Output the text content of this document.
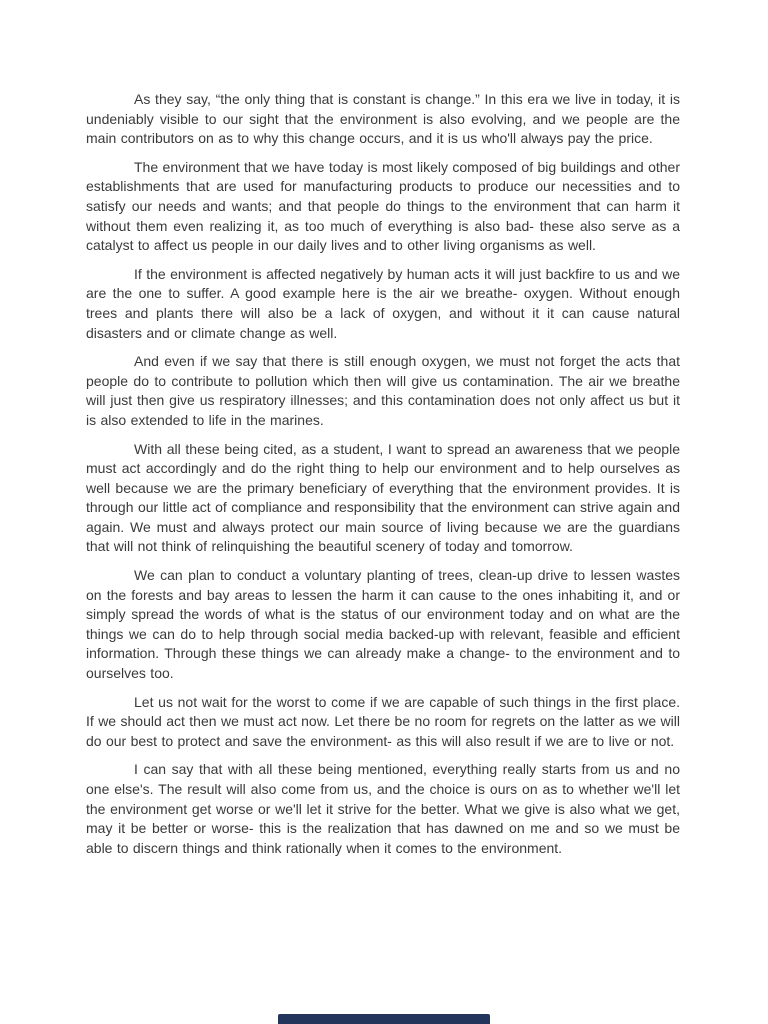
As they say, “the only thing that is constant is change.” In this era we live in today, it is undeniably visible to our sight that the environment is also evolving, and we people are the main contributors on as to why this change occurs, and it is us who'll always pay the price.

The environment that we have today is most likely composed of big buildings and other establishments that are used for manufacturing products to produce our necessities and to satisfy our needs and wants; and that people do things to the environment that can harm it without them even realizing it, as too much of everything is also bad- these also serve as a catalyst to affect us people in our daily lives and to other living organisms as well.

If the environment is affected negatively by human acts it will just backfire to us and we are the one to suffer. A good example here is the air we breathe- oxygen. Without enough trees and plants there will also be a lack of oxygen, and without it it can cause natural disasters and or climate change as well.

And even if we say that there is still enough oxygen, we must not forget the acts that people do to contribute to pollution which then will give us contamination. The air we breathe will just then give us respiratory illnesses; and this contamination does not only affect us but it is also extended to life in the marines.

With all these being cited, as a student, I want to spread an awareness that we people must act accordingly and do the right thing to help our environment and to help ourselves as well because we are the primary beneficiary of everything that the environment provides. It is through our little act of compliance and responsibility that the environment can strive again and again. We must and always protect our main source of living because we are the guardians that will not think of relinquishing the beautiful scenery of today and tomorrow.

We can plan to conduct a voluntary planting of trees, clean-up drive to lessen wastes on the forests and bay areas to lessen the harm it can cause to the ones inhabiting it, and or simply spread the words of what is the status of our environment today and on what are the things we can do to help through social media backed-up with relevant, feasible and efficient information. Through these things we can already make a change- to the environment and to ourselves too.

Let us not wait for the worst to come if we are capable of such things in the first place. If we should act then we must act now. Let there be no room for regrets on the latter as we will do our best to protect and save the environment- as this will also result if we are to live or not.

I can say that with all these being mentioned, everything really starts from us and no one else's. The result will also come from us, and the choice is ours on as to whether we'll let the environment get worse or we'll let it strive for the better. What we give is also what we get, may it be better or worse- this is the realization that has dawned on me and so we must be able to discern things and think rationally when it comes to the environment.
